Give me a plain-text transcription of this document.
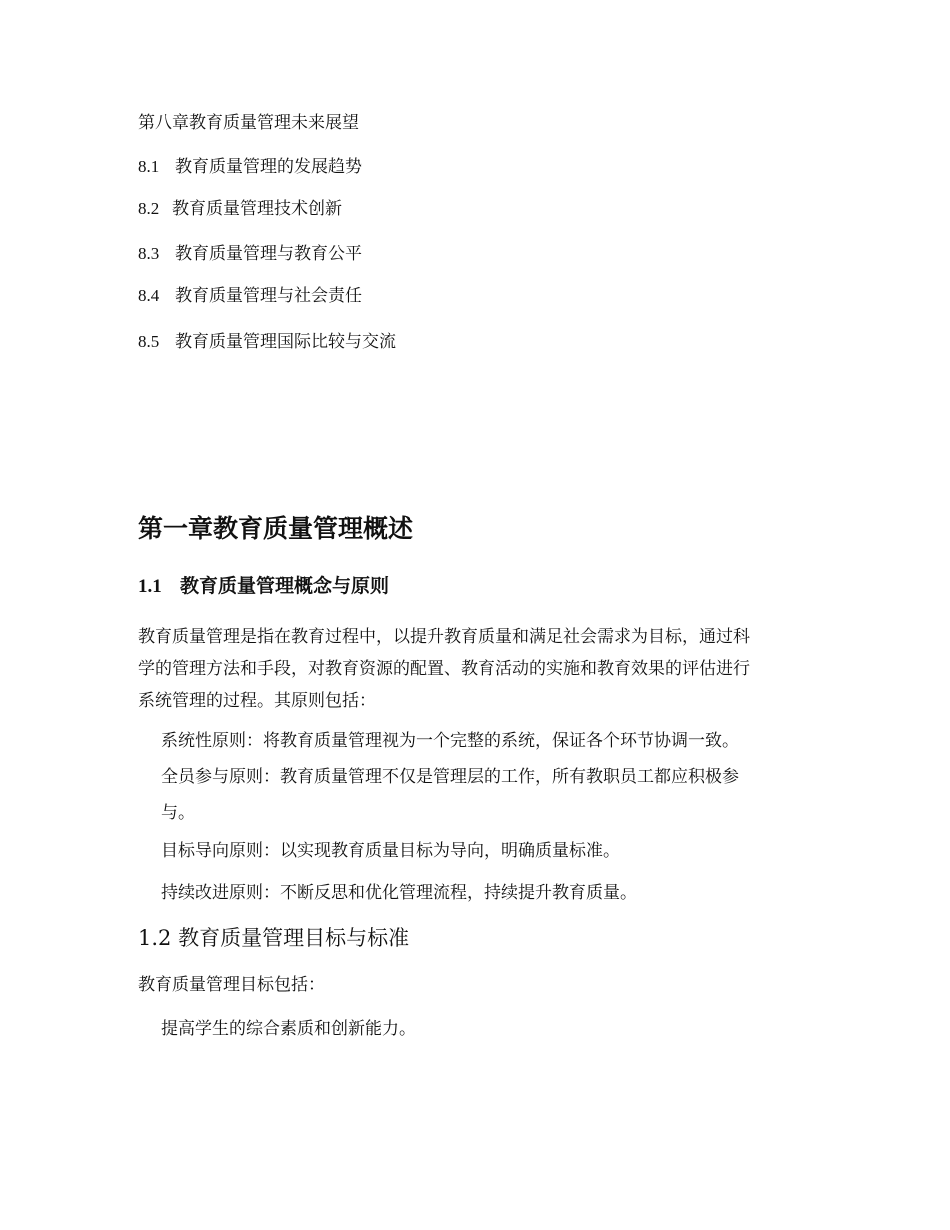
第八章教育质量管理未来展望
8.1 教育质量管理的发展趋势
8.2 教育质量管理技术创新
8.3 教育质量管理与教育公平
8.4 教育质量管理与社会责任
8.5 教育质量管理国际比较与交流
第一章教育质量管理概述
1.1 教育质量管理概念与原则
教育质量管理是指在教育过程中，以提升教育质量和满足社会需求为目标，通过科
学的管理方法和手段，对教育资源的配置、教育活动的实施和教育效果的评估进行
系统管理的过程。其原则包括：
系统性原则：将教育质量管理视为一个完整的系统，保证各个环节协调一致。
全员参与原则：教育质量管理不仅是管理层的工作，所有教职员工都应积极参
与。
目标导向原则：以实现教育质量目标为导向，明确质量标准。
持续改进原则：不断反思和优化管理流程，持续提升教育质量。
1.2 教育质量管理目标与标准
教育质量管理目标包括：
提高学生的综合素质和创新能力。
